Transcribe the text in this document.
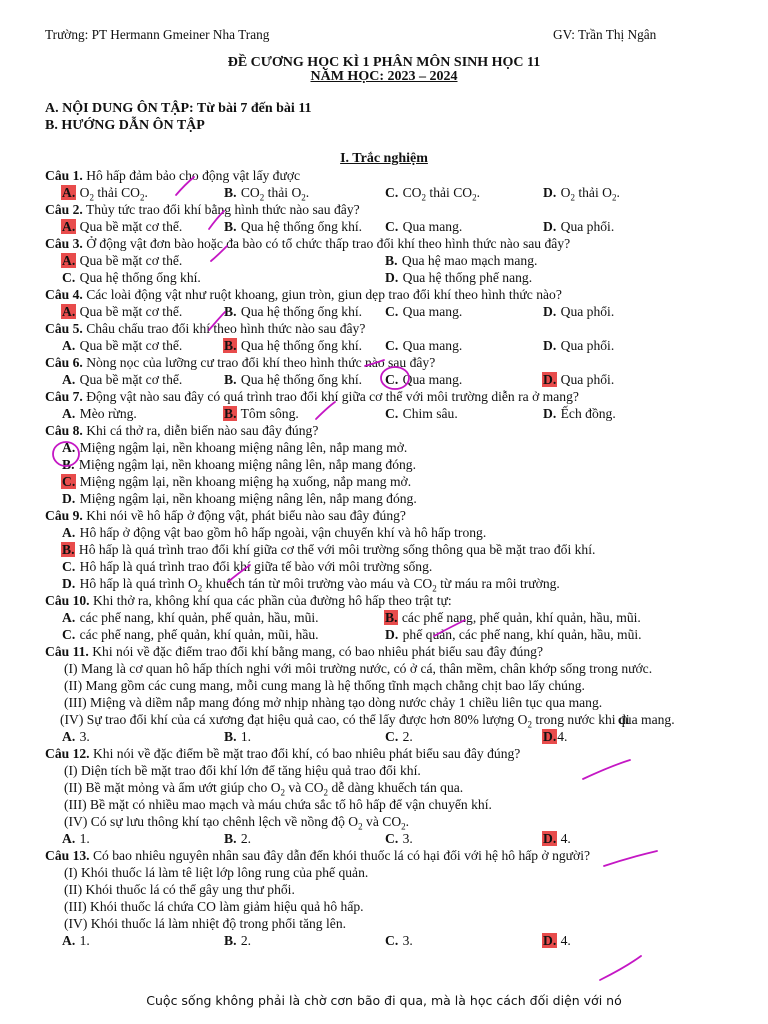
Trường: PT Hermann Gmeiner Nha Trang	GV: Trần Thị Ngân
ĐỀ CƯƠNG HỌC KÌ 1 PHÂN MÔN SINH HỌC 11
NĂM HỌC: 2023 – 2024
A. NỘI DUNG ÔN TẬP: Từ bài 7 đến bài 11
B. HƯỚNG DẪN ÔN TẬP
I. Trắc nghiệm
Câu 1. Hô hấp đảm bảo cho động vật lấy được
A. $O_2$ thải $CO_2$.	B. $CO_2$ thải $O_2$.	C. $CO_2$ thải $CO_2$.	D. $O_2$ thải $O_2$.
Câu 2. Thủy tức trao đổi khí bằng hình thức nào sau đây?
A. Qua bề mặt cơ thể.	B. Qua hệ thống ống khí. C. Qua mang.	D. Qua phổi.
Câu 3. Ở động vật đơn bào hoặc đa bào có tổ chức thấp trao đổi khí theo hình thức nào sau đây?
A. Qua bề mặt cơ thể.	B. Qua hệ mao mạch mang.
C. Qua hệ thống ống khí.	D. Qua hệ thống phế nang.
Câu 4. Các loài động vật như ruột khoang, giun tròn, giun dẹp trao đổi khí theo hình thức nào?
A. Qua bề mặt cơ thể.	B. Qua hệ thống ống khí. C. Qua mang.	D. Qua phổi.
Câu 5. Châu chấu trao đổi khí theo hình thức nào sau đây?
A. Qua bề mặt cơ thể.	B. Qua hệ thống ống khí. C. Qua mang.	D. Qua phổi.
Câu 6. Nòng nọc của lưỡng cư trao đổi khí theo hình thức nào sau đây?
A. Qua bề mặt cơ thể.	B. Qua hệ thống ống khí. C. Qua mang.	D. Qua phổi.
Câu 7. Động vật nào sau đây có quá trình trao đổi khí giữa cơ thể với môi trường diễn ra ở mang?
A. Mèo rừng.	B. Tôm sông.	C. Chim sâu.	D. Ếch đồng.
Câu 8. Khi cá thở ra, diễn biến nào sau đây đúng?
A. Miệng ngậm lại, nền khoang miệng nâng lên, nắp mang mở.
B. Miệng ngậm lại, nền khoang miệng nâng lên, nắp mang đóng.
C. Miệng ngậm lại, nền khoang miệng hạ xuống, nắp mang mở.
D. Miệng ngậm lại, nền khoang miệng nâng lên, nắp mang đóng.
Câu 9. Khi nói về hô hấp ở động vật, phát biểu nào sau đây đúng?
A. Hô hấp ở động vật bao gồm hô hấp ngoài, vận chuyển khí và hô hấp trong.
B. Hô hấp là quá trình trao đổi khí giữa cơ thể với môi trường sống thông qua bề mặt trao đổi khí.
C. Hô hấp là quá trình trao đổi khí giữa tế bào với môi trường sống.
D. Hô hấp là quá trình $O_2$ khuếch tán từ môi trường vào máu và $CO_2$ từ máu ra môi trường.
Câu 10. Khi thở ra, không khí qua các phần của đường hô hấp theo trật tự:
A. các phế nang, khí quản, phế quản, hầu, mũi.	B. các phế nang, phế quản, khí quản, hầu, mũi.
C. các phế nang, phế quản, khí quản, mũi, hầu.	D. phế quản, các phế nang, khí quản, hầu, mũi.
Câu 11. Khi nói về đặc điểm trao đổi khí bằng mang, có bao nhiêu phát biểu sau đây đúng?
(I) Mang là cơ quan hô hấp thích nghi với môi trường nước, có ở cá, thân mềm, chân khớp sống trong nước.
(II) Mang gồm các cung mang, mỗi cung mang là hệ thống tĩnh mạch chằng chịt bao lấy chúng.
(III) Miệng và diềm nắp mang đóng mở nhịp nhàng tạo dòng nước chảy 1 chiều liên tục qua mang.
(IV) Sự trao đổi khí của cá xương đạt hiệu quả cao, có thể lấy được hơn 80% lượng $O_2$ trong nước khi đi qua mang.
A. 3.	B. 1.	C. 2.	D.4.
Câu 12. Khi nói về đặc điểm bề mặt trao đổi khí, có bao nhiêu phát biểu sau đây đúng?
(I) Diện tích bề mặt trao đổi khí lớn để tăng hiệu quả trao đổi khí.
(II) Bề mặt mỏng và ẩm ướt giúp cho $O_2$ và $CO_2$ dễ dàng khuếch tán qua.
(III) Bề mặt có nhiều mao mạch và máu chứa sắc tố hô hấp để vận chuyển khí.
(IV) Có sự lưu thông khí tạo chênh lệch về nồng độ $O_2$ và $CO_2$.
A. 1.	B. 2.	C. 3.	D. 4.
Câu 13. Có bao nhiêu nguyên nhân sau đây dẫn đến khói thuốc lá có hại đối với hệ hô hấp ở người?
(I) Khói thuốc lá làm tê liệt lớp lông rung của phế quản.
(II) Khói thuốc lá có thể gây ung thư phổi.
(III) Khói thuốc lá chứa CO làm giảm hiệu quả hô hấp.
(IV) Khói thuốc lá làm nhiệt độ trong phổi tăng lên.
A. 1.	B. 2.	C. 3.	D. 4.
Cuộc sống không phải là chờ cơn bão đi qua, mà là học cách đối diện với nó
